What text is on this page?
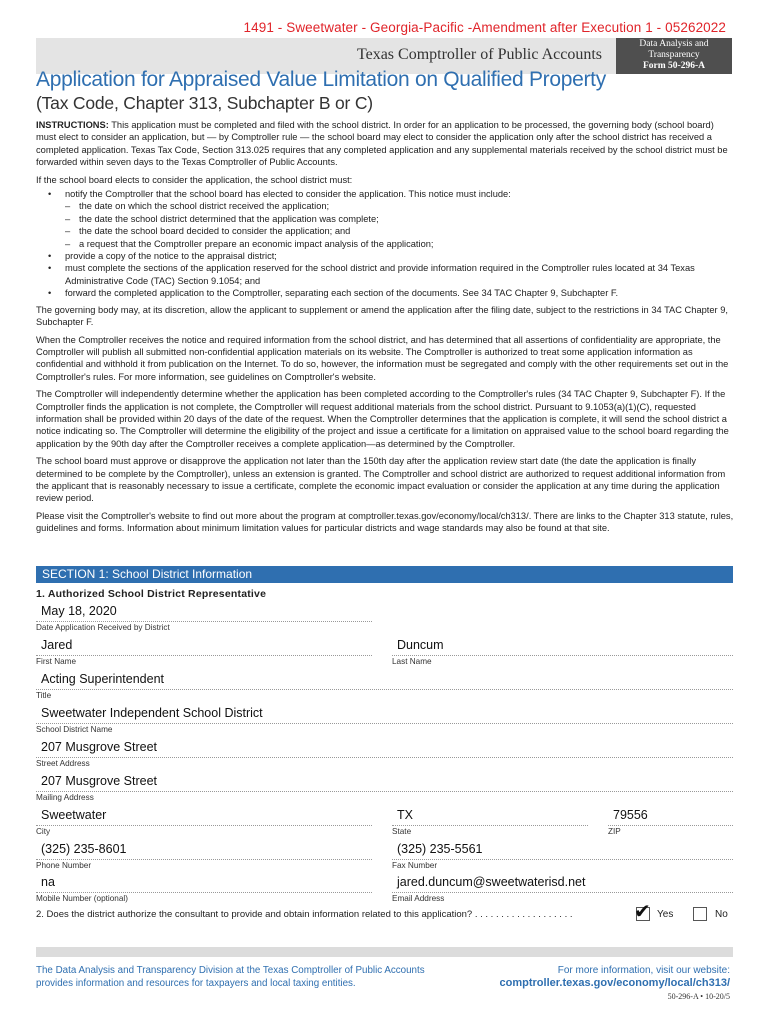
1491 - Sweetwater - Georgia-Pacific -Amendment after Execution 1 - 05262022
Texas Comptroller of Public Accounts
Data Analysis and
Transparency
Form 50-296-A
Application for Appraised Value Limitation on Qualified Property
(Tax Code, Chapter 313, Subchapter B or C)

INSTRUCTIONS: This application must be completed and filed with the school district. In order for an application to be processed, the governing body (school board) must elect to consider an application, but — by Comptroller rule — the school board may elect to consider the application only after the school district has received a completed application. Texas Tax Code, Section 313.025 requires that any completed application and any supplemental materials received by the school district must be forwarded within seven days to the Texas Comptroller of Public Accounts.

If the school board elects to consider the application, the school district must:

• notify the Comptroller that the school board has elected to consider the application. This notice must include:
– the date on which the school district received the application;
– the date the school district determined that the application was complete;
– the date the school board decided to consider the application; and
– a request that the Comptroller prepare an economic impact analysis of the application;
• provide a copy of the notice to the appraisal district;
• must complete the sections of the application reserved for the school district and provide information required in the Comptroller rules located at 34 Texas Administrative Code (TAC) Section 9.1054; and
• forward the completed application to the Comptroller, separating each section of the documents. See 34 TAC Chapter 9, Subchapter F.

The governing body may, at its discretion, allow the applicant to supplement or amend the application after the filing date, subject to the restrictions in 34 TAC Chapter 9, Subchapter F.

When the Comptroller receives the notice and required information from the school district, and has determined that all assertions of confidentiality are appropriate, the Comptroller will publish all submitted non-confidential application materials on its website. The Comptroller is authorized to treat some application information as confidential and withhold it from publication on the Internet. To do so, however, the information must be segregated and comply with the other requirements set out in the Comptroller's rules. For more information, see guidelines on Comptroller's website.

The Comptroller will independently determine whether the application has been completed according to the Comptroller's rules (34 TAC Chapter 9, Subchapter F). If the Comptroller finds the application is not complete, the Comptroller will request additional materials from the school district. Pursuant to 9.1053(a)(1)(C), requested information shall be provided within 20 days of the date of the request. When the Comptroller determines that the application is complete, it will send the school district a notice indicating so. The Comptroller will determine the eligibility of the project and issue a certificate for a limitation on appraised value to the school board regarding the application by the 90th day after the Comptroller receives a complete application—as determined by the Comptroller.

The school board must approve or disapprove the application not later than the 150th day after the application review start date (the date the application is finally determined to be complete by the Comptroller), unless an extension is granted. The Comptroller and school district are authorized to request additional information from the applicant that is reasonably necessary to issue a certificate, complete the economic impact evaluation or consider the application at any time during the application review period.

Please visit the Comptroller's website to find out more about the program at comptroller.texas.gov/economy/local/ch313/. There are links to the Chapter 313 statute, rules, guidelines and forms. Information about minimum limitation values for particular districts and wage standards may also be found at that site.

SECTION 1: School District Information
1. Authorized School District Representative
May 18, 2020
Date Application Received by District
Jared
First Name
Duncum
Last Name
Acting Superintendent
Title
Sweetwater Independent School District
School District Name
207 Musgrove Street
Street Address
207 Musgrove Street
Mailing Address
Sweetwater
City
TX
State
79556
ZIP
(325) 235-8601
Phone Number
(325) 235-5561
Fax Number
na
Mobile Number (optional)
jared.duncum@sweetwaterisd.net
Email Address
2. Does the district authorize the consultant to provide and obtain information related to this application? . . . . . . . . . . . . . . . . . . .	✔ Yes	No
The Data Analysis and Transparency Division at the Texas Comptroller of Public Accounts
provides information and resources for taxpayers and local taxing entities.
For more information, visit our website:
comptroller.texas.gov/economy/local/ch313/
50-296-A • 10-20/5
